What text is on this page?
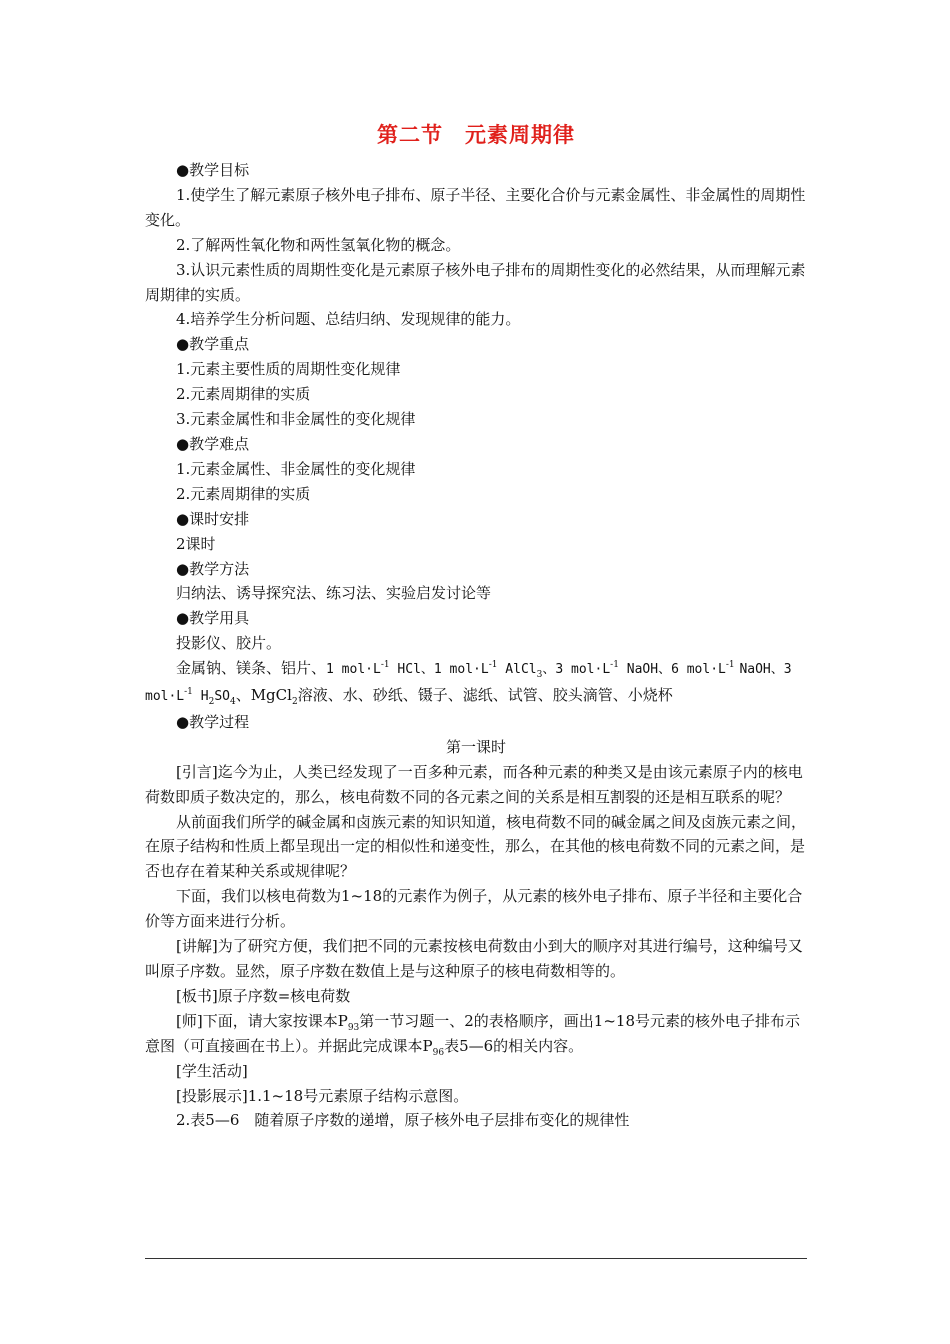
第二节 元素周期律

●教学目标

1.使学生了解元素原子核外电子排布、原子半径、主要化合价与元素金属性、非金属性的周期性变化。

2.了解两性氧化物和两性氢氧化物的概念。

3.认识元素性质的周期性变化是元素原子核外电子排布的周期性变化的必然结果，从而理解元素周期律的实质。

4.培养学生分析问题、总结归纳、发现规律的能力。

●教学重点

1.元素主要性质的周期性变化规律

2.元素周期律的实质

3.元素金属性和非金属性的变化规律

●教学难点

1.元素金属性、非金属性的变化规律

2.元素周期律的实质

●课时安排

2课时

●教学方法

归纳法、诱导探究法、练习法、实验启发讨论等

●教学用具

投影仪、胶片。

金属钠、镁条、铝片、1 $mol\cdot L^{-1}$ HCl、1 $mol\cdot L^{-1}$ AlCl$_3$、3 $mol\cdot L^{-1}$ NaOH、6 $mol\cdot L^{-1}$ NaOH、3 $mol\cdot L^{-1}$ $H_2SO_4$、MgCl$_2$溶液、水、砂纸、镊子、滤纸、试管、胶头滴管、小烧杯

●教学过程

第一课时

[引言]迄今为止，人类已经发现了一百多种元素，而各种元素的种类又是由该元素原子内的核电荷数即质子数决定的，那么，核电荷数不同的各元素之间的关系是相互割裂的还是相互联系的呢？

从前面我们所学的碱金属和卤族元素的知识知道，核电荷数不同的碱金属之间及卤族元素之间，在原子结构和性质上都呈现出一定的相似性和递变性，那么，在其他的核电荷数不同的元素之间，是否也存在着某种关系或规律呢？

下面，我们以核电荷数为1~18的元素作为例子，从元素的核外电子排布、原子半径和主要化合价等方面来进行分析。

[讲解]为了研究方便，我们把不同的元素按核电荷数由小到大的顺序对其进行编号，这种编号又叫原子序数。显然，原子序数在数值上是与这种原子的核电荷数相等的。

[板书]原子序数=核电荷数

[师]下面，请大家按课本$P_{93}$第一节习题一、2的表格顺序，画出1~18号元素的核外电子排布示意图（可直接画在书上）。并据此完成课本$P_{96}$表5—6的相关内容。

[学生活动]

[投影展示]1.1~18号元素原子结构示意图。

2.表5—6　随着原子序数的递增，原子核外电子层排布变化的规律性
